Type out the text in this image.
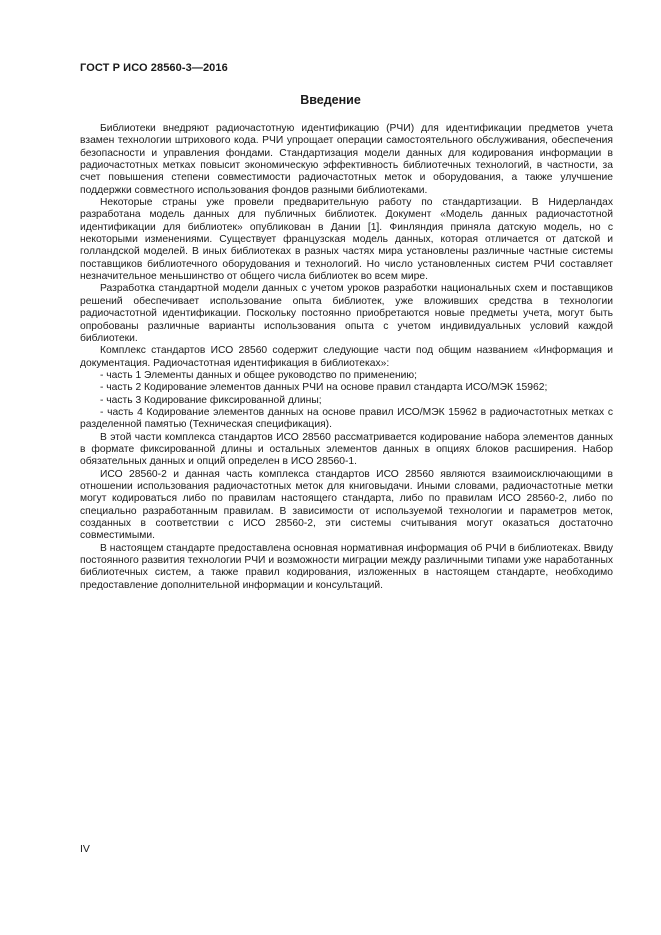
ГОСТ Р ИСО 28560-3—2016
Введение

Библиотеки внедряют радиочастотную идентификацию (РЧИ) для идентификации предметов учета взамен технологии штрихового кода. РЧИ упрощает операции самостоятельного обслуживания, обеспечения безопасности и управления фондами. Стандартизация модели данных для кодирования информации в радиочастотных метках повысит экономическую эффективность библиотечных технологий, в частности, за счет повышения степени совместимости радиочастотных меток и оборудования, а также улучшение поддержки совместного использования фондов разными библиотеками.

Некоторые страны уже провели предварительную работу по стандартизации. В Нидерландах разработана модель данных для публичных библиотек. Документ «Модель данных радиочастотной идентификации для библиотек» опубликован в Дании [1]. Финляндия приняла датскую модель, но с некоторыми изменениями. Существует французская модель данных, которая отличается от датской и голландской моделей. В иных библиотеках в разных частях мира установлены различные частные системы поставщиков библиотечного оборудования и технологий. Но число установленных систем РЧИ составляет незначительное меньшинство от общего числа библиотек во всем мире.

Разработка стандартной модели данных с учетом уроков разработки национальных схем и поставщиков решений обеспечивает использование опыта библиотек, уже вложивших средства в технологии радиочастотной идентификации. Поскольку постоянно приобретаются новые предметы учета, могут быть опробованы различные варианты использования опыта с учетом индивидуальных условий каждой библиотеки.

Комплекс стандартов ИСО 28560 содержит следующие части под общим названием «Информация и документация. Радиочастотная идентификация в библиотеках»:

- часть 1 Элементы данных и общее руководство по применению;

- часть 2 Кодирование элементов данных РЧИ на основе правил стандарта ИСО/МЭК 15962;

- часть 3 Кодирование фиксированной длины;

- часть 4 Кодирование элементов данных на основе правил ИСО/МЭК 15962 в радиочастотных метках с разделенной памятью (Техническая спецификация).

В этой части комплекса стандартов ИСО 28560 рассматривается кодирование набора элементов данных в формате фиксированной длины и остальных элементов данных в опциях блоков расширения. Набор обязательных данных и опций определен в ИСО 28560-1.

ИСО 28560-2 и данная часть комплекса стандартов ИСО 28560 являются взаимоисключающими в отношении использования радиочастотных меток для книговыдачи. Иными словами, радиочастотные метки могут кодироваться либо по правилам настоящего стандарта, либо по правилам ИСО 28560-2, либо по специально разработанным правилам. В зависимости от используемой технологии и параметров меток, созданных в соответствии с ИСО 28560-2, эти системы считывания могут оказаться достаточно совместимыми.

В настоящем стандарте предоставлена основная нормативная информация об РЧИ в библиотеках. Ввиду постоянного развития технологии РЧИ и возможности миграции между различными типами уже наработанных библиотечных систем, а также правил кодирования, изложенных в настоящем стандарте, необходимо предоставление дополнительной информации и консультаций.

IV
